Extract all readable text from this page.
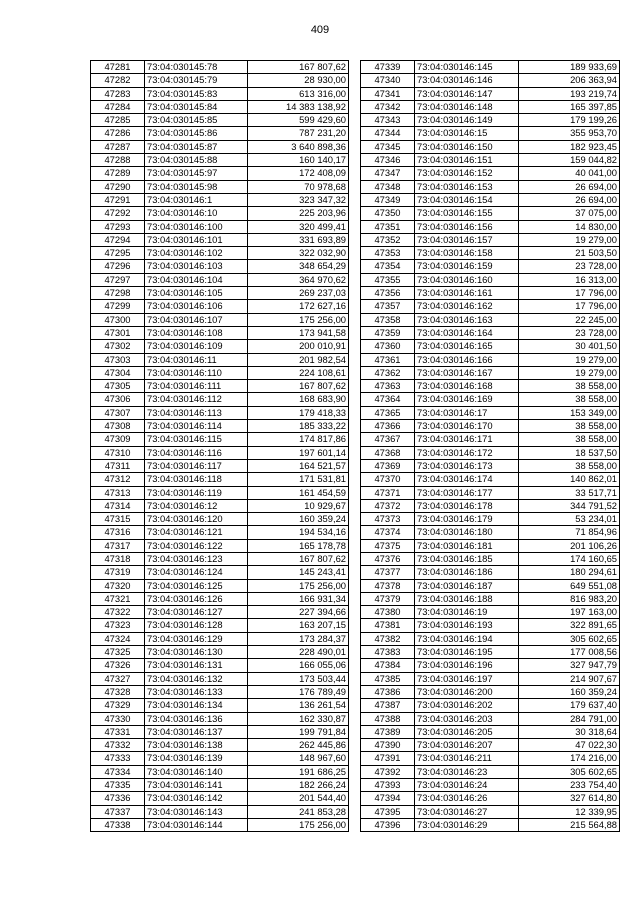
409
47281	73:04:030145:78	167 807,62
47282	73:04:030145:79	28 930,00
47283	73:04:030145:83	613 316,00
47284	73:04:030145:84	14 383 138,92
47285	73:04:030145:85	599 429,60
47286	73:04:030145:86	787 231,20
47287	73:04:030145:87	3 640 898,36
47288	73:04:030145:88	160 140,17
47289	73:04:030145:97	172 408,09
47290	73:04:030145:98	70 978,68
47291	73:04:030146:1	323 347,32
47292	73:04:030146:10	225 203,96
47293	73:04:030146:100	320 499,41
47294	73:04:030146:101	331 693,89
47295	73:04:030146:102	322 032,90
47296	73:04:030146:103	348 654,29
47297	73:04:030146:104	364 970,62
47298	73:04:030146:105	269 237,03
47299	73:04:030146:106	172 627,16
47300	73:04:030146:107	175 256,00
47301	73:04:030146:108	173 941,58
47302	73:04:030146:109	200 010,91
47303	73:04:030146:11	201 982,54
47304	73:04:030146:110	224 108,61
47305	73:04:030146:111	167 807,62
47306	73:04:030146:112	168 683,90
47307	73:04:030146:113	179 418,33
47308	73:04:030146:114	185 333,22
47309	73:04:030146:115	174 817,86
47310	73:04:030146:116	197 601,14
47311	73:04:030146:117	164 521,57
47312	73:04:030146:118	171 531,81
47313	73:04:030146:119	161 454,59
47314	73:04:030146:12	10 929,67
47315	73:04:030146:120	160 359,24
47316	73:04:030146:121	194 534,16
47317	73:04:030146:122	165 178,78
47318	73:04:030146:123	167 807,62
47319	73:04:030146:124	145 243,41
47320	73:04:030146:125	175 256,00
47321	73:04:030146:126	166 931,34
47322	73:04:030146:127	227 394,66
47323	73:04:030146:128	163 207,15
47324	73:04:030146:129	173 284,37
47325	73:04:030146:130	228 490,01
47326	73:04:030146:131	166 055,06
47327	73:04:030146:132	173 503,44
47328	73:04:030146:133	176 789,49
47329	73:04:030146:134	136 261,54
47330	73:04:030146:136	162 330,87
47331	73:04:030146:137	199 791,84
47332	73:04:030146:138	262 445,86
47333	73:04:030146:139	148 967,60
47334	73:04:030146:140	191 686,25
47335	73:04:030146:141	182 266,24
47336	73:04:030146:142	201 544,40
47337	73:04:030146:143	241 853,28
47338	73:04:030146:144	175 256,00
47339	73:04:030146:145	189 933,69
47340	73:04:030146:146	206 363,94
47341	73:04:030146:147	193 219,74
47342	73:04:030146:148	165 397,85
47343	73:04:030146:149	179 199,26
47344	73:04:030146:15	355 953,70
47345	73:04:030146:150	182 923,45
47346	73:04:030146:151	159 044,82
47347	73:04:030146:152	40 041,00
47348	73:04:030146:153	26 694,00
47349	73:04:030146:154	26 694,00
47350	73:04:030146:155	37 075,00
47351	73:04:030146:156	14 830,00
47352	73:04:030146:157	19 279,00
47353	73:04:030146:158	21 503,50
47354	73:04:030146:159	23 728,00
47355	73:04:030146:160	16 313,00
47356	73:04:030146:161	17 796,00
47357	73:04:030146:162	17 796,00
47358	73:04:030146:163	22 245,00
47359	73:04:030146:164	23 728,00
47360	73:04:030146:165	30 401,50
47361	73:04:030146:166	19 279,00
47362	73:04:030146:167	19 279,00
47363	73:04:030146:168	38 558,00
47364	73:04:030146:169	38 558,00
47365	73:04:030146:17	153 349,00
47366	73:04:030146:170	38 558,00
47367	73:04:030146:171	38 558,00
47368	73:04:030146:172	18 537,50
47369	73:04:030146:173	38 558,00
47370	73:04:030146:174	140 862,01
47371	73:04:030146:177	33 517,71
47372	73:04:030146:178	344 791,52
47373	73:04:030146:179	53 234,01
47374	73:04:030146:180	71 854,96
47375	73:04:030146:181	201 106,26
47376	73:04:030146:185	174 160,65
47377	73:04:030146:186	180 294,61
47378	73:04:030146:187	649 551,08
47379	73:04:030146:188	816 983,20
47380	73:04:030146:19	197 163,00
47381	73:04:030146:193	322 891,65
47382	73:04:030146:194	305 602,65
47383	73:04:030146:195	177 008,56
47384	73:04:030146:196	327 947,79
47385	73:04:030146:197	214 907,67
47386	73:04:030146:200	160 359,24
47387	73:04:030146:202	179 637,40
47388	73:04:030146:203	284 791,00
47389	73:04:030146:205	30 318,64
47390	73:04:030146:207	47 022,30
47391	73:04:030146:211	174 216,00
47392	73:04:030146:23	305 602,65
47393	73:04:030146:24	233 754,40
47394	73:04:030146:26	327 614,80
47395	73:04:030146:27	12 339,95
47396	73:04:030146:29	215 564,88
